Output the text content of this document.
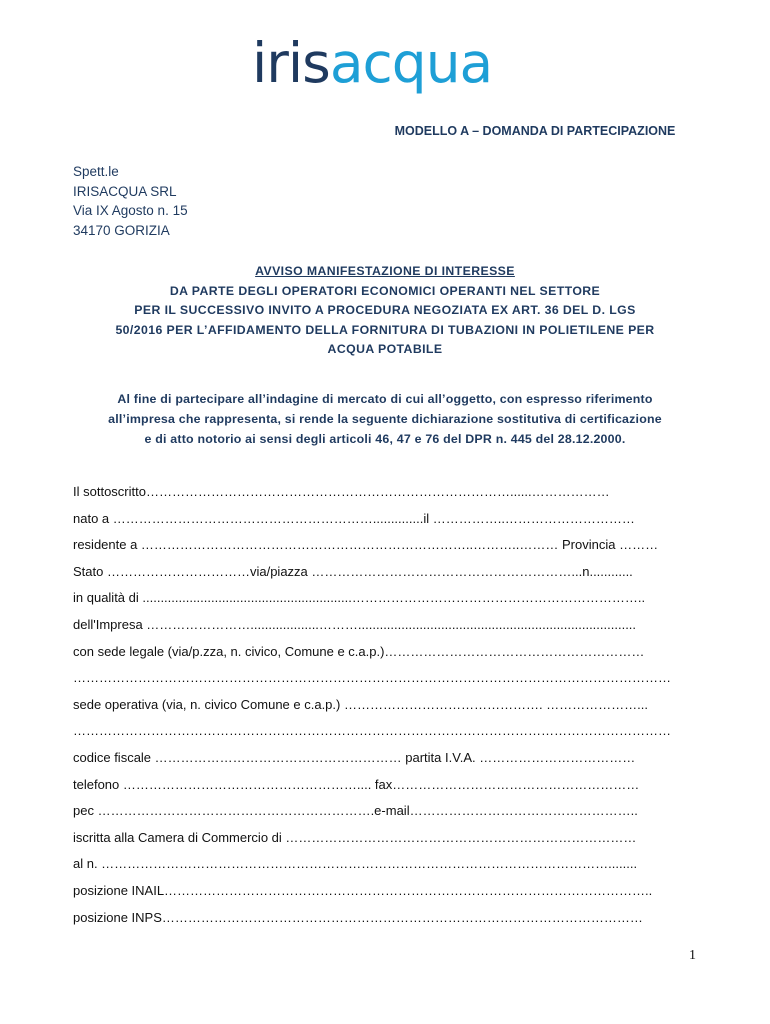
irisacqua
MODELLO A – DOMANDA DI PARTECIPAZIONE
Spett.le
IRISACQUA SRL
Via IX Agosto n. 15
34170 GORIZIA
AVVISO MANIFESTAZIONE DI INTERESSE
DA PARTE DEGLI OPERATORI ECONOMICI OPERANTI NEL SETTORE
PER IL SUCCESSIVO INVITO A PROCEDURA NEGOZIATA EX ART. 36 DEL D. LGS
50/2016 PER L’AFFIDAMENTO DELLA FORNITURA DI TUBAZIONI IN POLIETILENE PER
ACQUA POTABILE
Al fine di partecipare all’indagine di mercato di cui all’oggetto, con espresso riferimento
all’impresa che rappresenta, si rende la seguente dichiarazione sostitutiva di certificazione
e di atto notorio ai sensi degli articoli 46, 47 e 76 del DPR n. 445 del 28.12.2000.
Il sottoscritto…………………………………………………………………………......………………
nato a ……………………………………………………..............il ……………..…………………………
residente a …………………………………………………………………..………..……… Provincia ………
Stato ……………………………via/piazza ……………………………………………………...n............
in qualità di ..........................................................…………………………………………………………..
dell'Impresa ……………………...................……….............................................................................
con sede legale (via/p.zza, n. civico, Comune e c.a.p.)……………………………………………………
…………………………………………………………………………………………………………………………
sede operativa (via, n. civico Comune e c.a.p.) ………………………………………. …………………...
…………………………………………………………………………………………………………………………
codice fiscale ………………………………………………… partita I.V.A. ………………………………
telefono ……………………………………………….... fax…………………………………………………
pec ……………………………………………………….e-mail……………………………………………..
iscritta alla Camera di Commercio di ………………………………………………………………………
al n. ………………………………………………………………………………………………………........
posizione INAIL…………………………………………………………………………………………………..
posizione INPS…………………………………………………………………………………………………
1
